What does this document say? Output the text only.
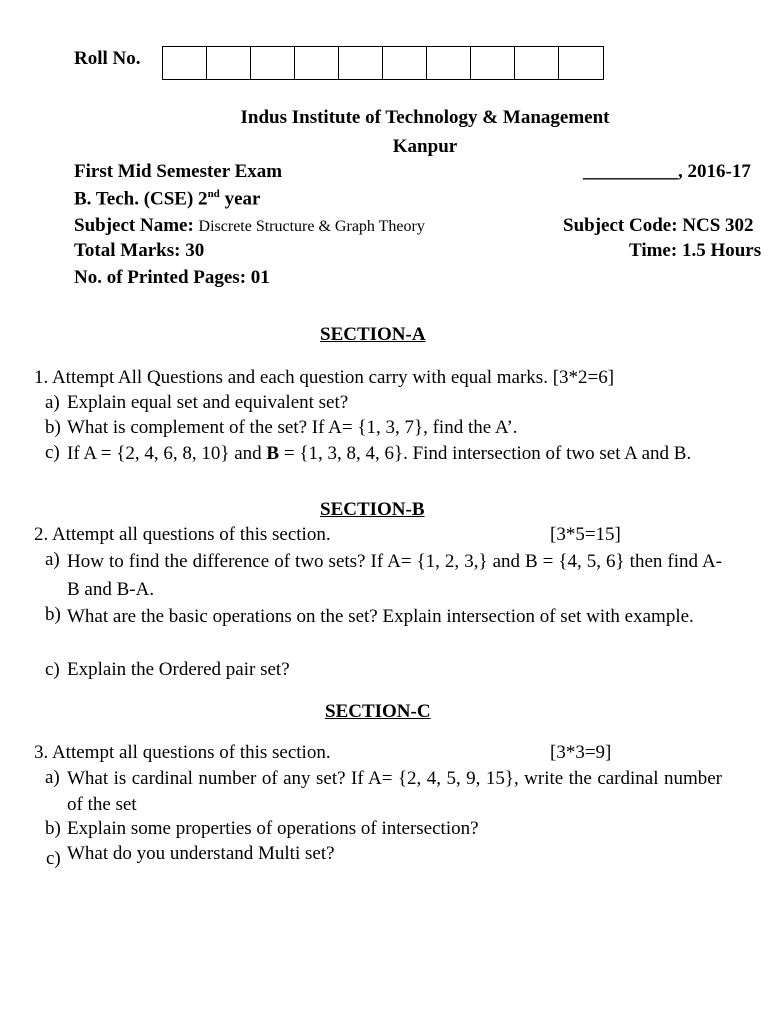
Roll No.
Indus Institute of Technology & Management
Kanpur
First Mid Semester Exam	__________, 2016-17
B. Tech. (CSE) 2nd year
Subject Name: Discrete Structure & Graph Theory	Subject Code: NCS 302
Total Marks: 30	Time: 1.5 Hours
No. of Printed Pages: 01
SECTION-A
1. Attempt All Questions and each question carry with equal marks. [3*2=6]
a) Explain equal set and equivalent set?
b) What is complement of the set? If A= {1, 3, 7}, find the A’.
c) If A = {2, 4, 6, 8, 10} and B = {1, 3, 8, 4, 6}. Find intersection of two set A and B.
SECTION-B
2. Attempt all questions of this section.	[3*5=15]
a) How to find the difference of two sets? If A= {1, 2, 3,} and B = {4, 5, 6} then find A-B and B-A.
b) What are the basic operations on the set? Explain intersection of set with example.
c) Explain the Ordered pair set?
SECTION-C
3. Attempt all questions of this section.	[3*3=9]
a) What is cardinal number of any set? If A= {2, 4, 5, 9, 15}, write the cardinal number of the set
b) Explain some properties of operations of intersection?
c) What do you understand Multi set?
